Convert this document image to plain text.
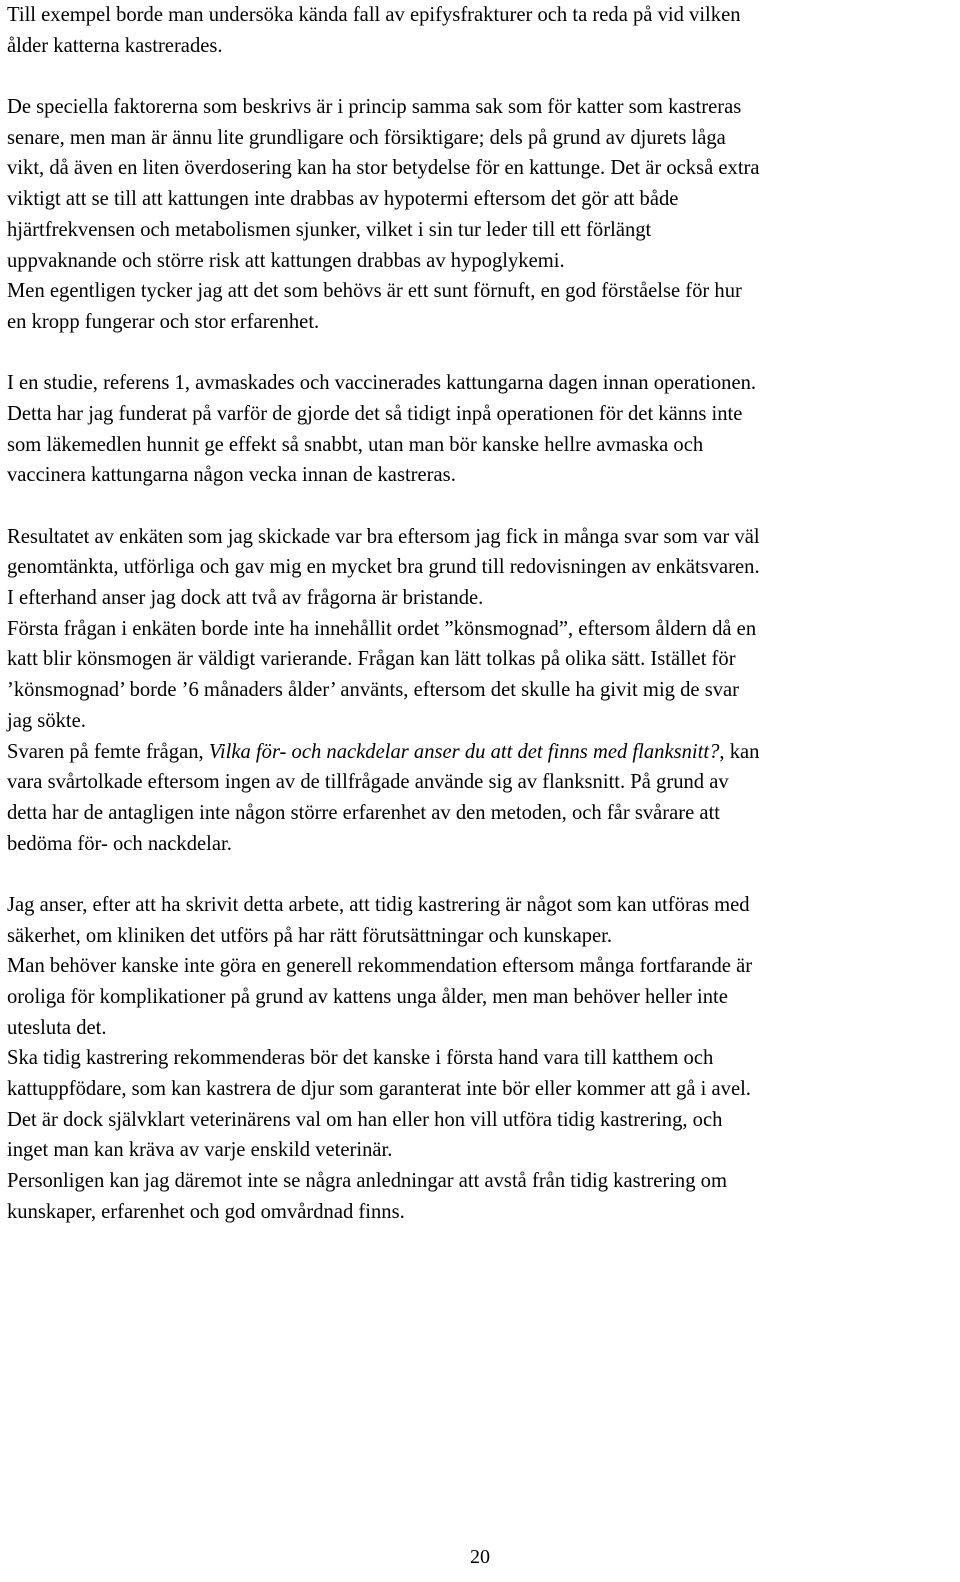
Till exempel borde man undersöka kända fall av epifysfrakturer och ta reda på vid vilken

ålder katterna kastrerades.

De speciella faktorerna som beskrivs är i princip samma sak som för katter som kastreras

senare, men man är ännu lite grundligare och försiktigare; dels på grund av djurets låga

vikt, då även en liten överdosering kan ha stor betydelse för en kattunge. Det är också extra

viktigt att se till att kattungen inte drabbas av hypotermi eftersom det gör att både

hjärtfrekvensen och metabolismen sjunker, vilket i sin tur leder till ett förlängt

uppvaknande och större risk att kattungen drabbas av hypoglykemi.

Men egentligen tycker jag att det som behövs är ett sunt förnuft, en god förståelse för hur

en kropp fungerar och stor erfarenhet.

I en studie, referens 1, avmaskades och vaccinerades kattungarna dagen innan operationen.

Detta har jag funderat på varför de gjorde det så tidigt inpå operationen för det känns inte

som läkemedlen hunnit ge effekt så snabbt, utan man bör kanske hellre avmaska och

vaccinera kattungarna någon vecka innan de kastreras.

Resultatet av enkäten som jag skickade var bra eftersom jag fick in många svar som var väl

genomtänkta, utförliga och gav mig en mycket bra grund till redovisningen av enkätsvaren.

I efterhand anser jag dock att två av frågorna är bristande.

Första frågan i enkäten borde inte ha innehållit ordet ”könsmognad”, eftersom åldern då en

katt blir könsmogen är väldigt varierande. Frågan kan lätt tolkas på olika sätt. Istället för

’könsmognad’ borde ’6 månaders ålder’ använts, eftersom det skulle ha givit mig de svar

jag sökte.

Svaren på femte frågan, Vilka för- och nackdelar anser du att det finns med flanksnitt?, kan

vara svårtolkade eftersom ingen av de tillfrågade använde sig av flanksnitt. På grund av

detta har de antagligen inte någon större erfarenhet av den metoden, och får svårare att

bedöma för- och nackdelar.

Jag anser, efter att ha skrivit detta arbete, att tidig kastrering är något som kan utföras med

säkerhet, om kliniken det utförs på har rätt förutsättningar och kunskaper.

Man behöver kanske inte göra en generell rekommendation eftersom många fortfarande är

oroliga för komplikationer på grund av kattens unga ålder, men man behöver heller inte

utesluta det.

Ska tidig kastrering rekommenderas bör det kanske i första hand vara till katthem och

kattuppfödare, som kan kastrera de djur som garanterat inte bör eller kommer att gå i avel.

Det är dock självklart veterinärens val om han eller hon vill utföra tidig kastrering, och

inget man kan kräva av varje enskild veterinär.

Personligen kan jag däremot inte se några anledningar att avstå från tidig kastrering om

kunskaper, erfarenhet och god omvårdnad finns.

20
